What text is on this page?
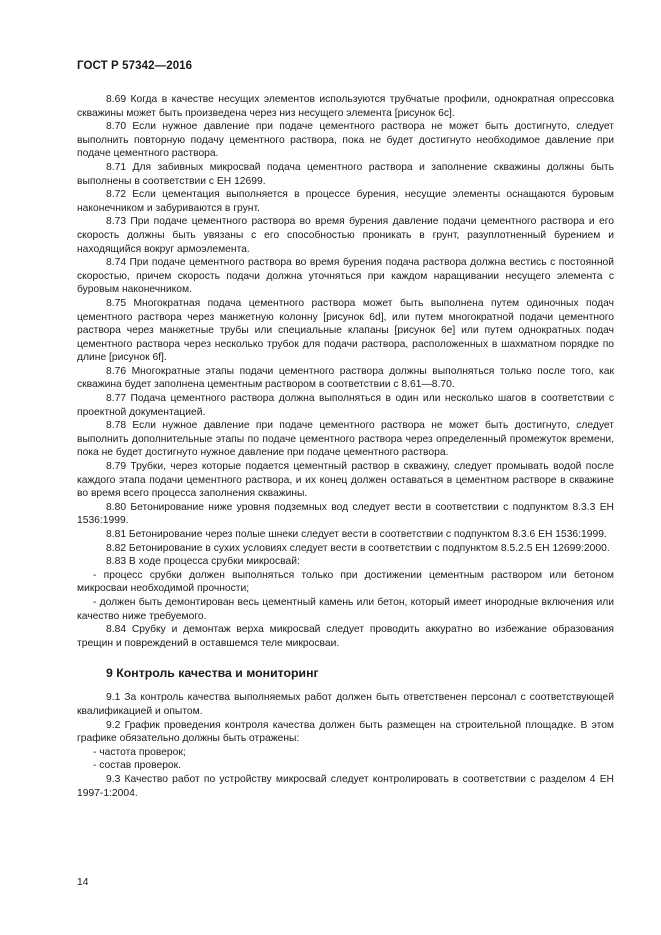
ГОСТ Р 57342—2016

8.69 Когда в качестве несущих элементов используются трубчатые профили, однократная опрессовка скважины может быть произведена через низ несущего элемента [рисунок 6c].

8.70 Если нужное давление при подаче цементного раствора не может быть достигнуто, следует выполнить повторную подачу цементного раствора, пока не будет достигнуто необходимое давление при подаче цементного раствора.

8.71 Для забивных микросвай подача цементного раствора и заполнение скважины должны быть выполнены в соответствии с ЕН 12699.

8.72 Если цементация выполняется в процессе бурения, несущие элементы оснащаются буровым наконечником и забуриваются в грунт.

8.73 При подаче цементного раствора во время бурения давление подачи цементного раствора и его скорость должны быть увязаны с его способностью проникать в грунт, разуплотненный бурением и находящийся вокруг армоэлемента.

8.74 При подаче цементного раствора во время бурения подача раствора должна вестись с постоянной скоростью, причем скорость подачи должна уточняться при каждом наращивании несущего элемента с буровым наконечником.

8.75 Многократная подача цементного раствора может быть выполнена путем одиночных подач цементного раствора через манжетную колонну [рисунок 6d], или путем многократной подачи цементного раствора через манжетные трубы или специальные клапаны [рисунок 6e] или путем однократных подач цементного раствора через несколько трубок для подачи раствора, расположенных в шахматном порядке по длине [рисунок 6f].

8.76 Многократные этапы подачи цементного раствора должны выполняться только после того, как скважина будет заполнена цементным раствором в соответствии с 8.61—8.70.

8.77 Подача цементного раствора должна выполняться в один или несколько шагов в соответствии с проектной документацией.

8.78 Если нужное давление при подаче цементного раствора не может быть достигнуто, следует выполнить дополнительные этапы по подаче цементного раствора через определенный промежуток времени, пока не будет достигнуто нужное давление при подаче цементного раствора.

8.79 Трубки, через которые подается цементный раствор в скважину, следует промывать водой после каждого этапа подачи цементного раствора, и их конец должен оставаться в цементном растворе в скважине во время всего процесса заполнения скважины.

8.80 Бетонирование ниже уровня подземных вод следует вести в соответствии с подпунктом 8.3.3 ЕН 1536:1999.

8.81 Бетонирование через полые шнеки следует вести в соответствии с подпунктом 8.3.6 ЕН 1536:1999.

8.82 Бетонирование в сухих условиях следует вести в соответствии с подпунктом 8.5.2.5 ЕН 12699:2000.

8.83 В ходе процесса срубки микросвай:

- процесс срубки должен выполняться только при достижении цементным раствором или бетоном микросваи необходимой прочности;

- должен быть демонтирован весь цементный камень или бетон, который имеет инородные включения или качество ниже требуемого.

8.84 Срубку и демонтаж верха микросвай следует проводить аккуратно во избежание образования трещин и повреждений в оставшемся теле микросваи.

9 Контроль качества и мониторинг

9.1 За контроль качества выполняемых работ должен быть ответственен персонал с соответствующей квалификацией и опытом.

9.2 График проведения контроля качества должен быть размещен на строительной площадке. В этом графике обязательно должны быть отражены:

- частота проверок;

- состав проверок.

9.3 Качество работ по устройству микросвай следует контролировать в соответствии с разделом 4 ЕН 1997-1:2004.

14
